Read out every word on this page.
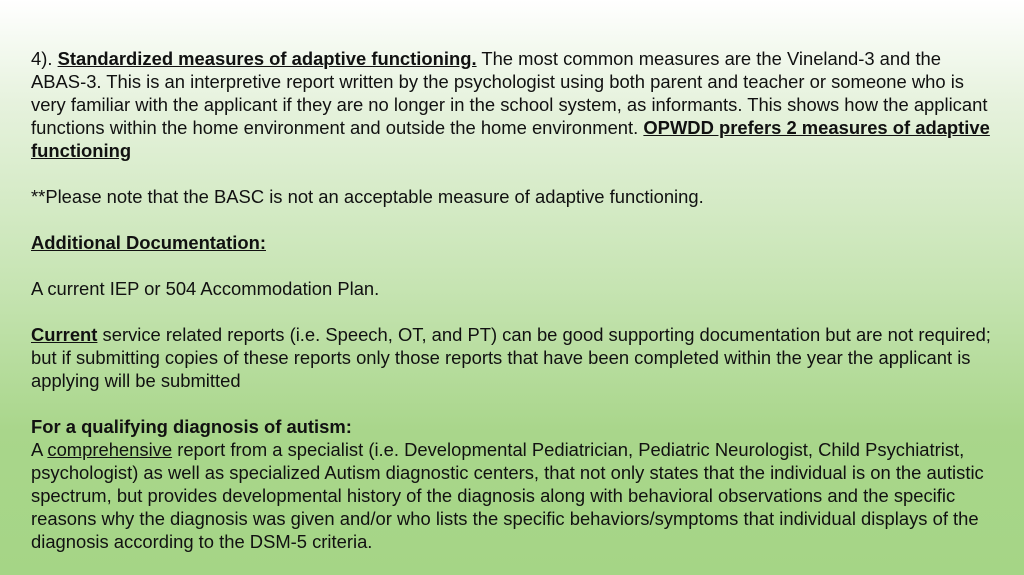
4). Standardized measures of adaptive functioning. The most common measures are the Vineland-3 and the ABAS-3. This is an interpretive report written by the psychologist using both parent and teacher or someone who is very familiar with the applicant if they are no longer in the school system, as informants. This shows how the applicant functions within the home environment and outside the home environment. OPWDD prefers 2 measures of adaptive functioning

**Please note that the BASC is not an acceptable measure of adaptive functioning.

Additional Documentation:

A current IEP or 504 Accommodation Plan.

Current service related reports (i.e. Speech, OT, and PT) can be good supporting documentation but are not required; but if submitting copies of these reports only those reports that have been completed within the year the applicant is applying will be submitted

For a qualifying diagnosis of autism:

A comprehensive report from a specialist (i.e. Developmental Pediatrician, Pediatric Neurologist, Child Psychiatrist, psychologist) as well as specialized Autism diagnostic centers, that not only states that the individual is on the autistic spectrum, but provides developmental history of the diagnosis along with behavioral observations and the specific reasons why the diagnosis was given and/or who lists the specific behaviors/symptoms that individual displays of the diagnosis according to the DSM-5 criteria.
